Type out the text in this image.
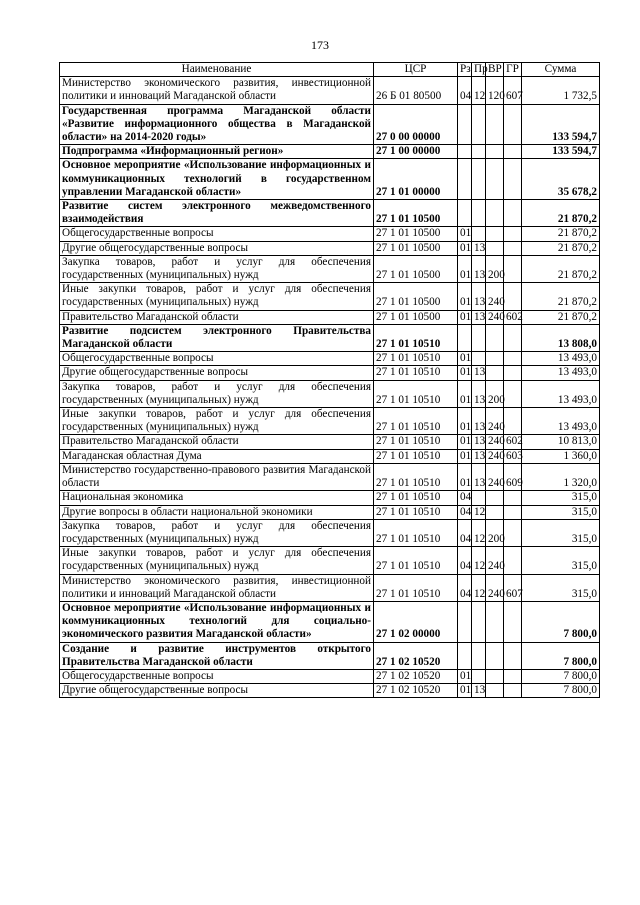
173
Наименование	ЦСР	Рз	Пр	ВР	ГР	Сумма
Министерство экономического развития, инвестиционной политики и инноваций Магаданской области	26 Б 01 80500	04	12	120	607	1 732,5
Государственная программа Магаданской области «Развитие информационного общества в Магаданской области» на 2014-2020 годы»	27 0 00 00000					133 594,7
Подпрограмма «Информационный регион»	27 1 00 00000					133 594,7
Основное мероприятие «Использование информационных и коммуникационных технологий в государственном управлении Магаданской области»	27 1 01 00000					35 678,2
Развитие систем электронного межведомственного взаимодействия	27 1 01 10500					21 870,2
Общегосударственные вопросы	27 1 01 10500	01				21 870,2
Другие общегосударственные вопросы	27 1 01 10500	01	13			21 870,2
Закупка товаров, работ и услуг для обеспечения государственных (муниципальных) нужд	27 1 01 10500	01	13	200		21 870,2
Иные закупки товаров, работ и услуг для обеспечения государственных (муниципальных) нужд	27 1 01 10500	01	13	240		21 870,2
Правительство Магаданской области	27 1 01 10500	01	13	240	602	21 870,2
Развитие подсистем электронного Правительства Магаданской области	27 1 01 10510					13 808,0
Общегосударственные вопросы	27 1 01 10510	01				13 493,0
Другие общегосударственные вопросы	27 1 01 10510	01	13			13 493,0
Закупка товаров, работ и услуг для обеспечения государственных (муниципальных) нужд	27 1 01 10510	01	13	200		13 493,0
Иные закупки товаров, работ и услуг для обеспечения государственных (муниципальных) нужд	27 1 01 10510	01	13	240		13 493,0
Правительство Магаданской области	27 1 01 10510	01	13	240	602	10 813,0
Магаданская областная Дума	27 1 01 10510	01	13	240	603	1 360,0
Министерство государственно-правового развития Магаданской области	27 1 01 10510	01	13	240	609	1 320,0
Национальная экономика	27 1 01 10510	04				315,0
Другие вопросы в области национальной экономики	27 1 01 10510	04	12			315,0
Закупка товаров, работ и услуг для обеспечения государственных (муниципальных) нужд	27 1 01 10510	04	12	200		315,0
Иные закупки товаров, работ и услуг для обеспечения государственных (муниципальных) нужд	27 1 01 10510	04	12	240		315,0
Министерство экономического развития, инвестиционной политики и инноваций Магаданской области	27 1 01 10510	04	12	240	607	315,0
Основное мероприятие «Использование информационных и коммуникационных технологий для социально-экономического развития Магаданской области»	27 1 02 00000					7 800,0
Создание и развитие инструментов открытого Правительства Магаданской области	27 1 02 10520					7 800,0
Общегосударственные вопросы	27 1 02 10520	01				7 800,0
Другие общегосударственные вопросы	27 1 02 10520	01	13			7 800,0
